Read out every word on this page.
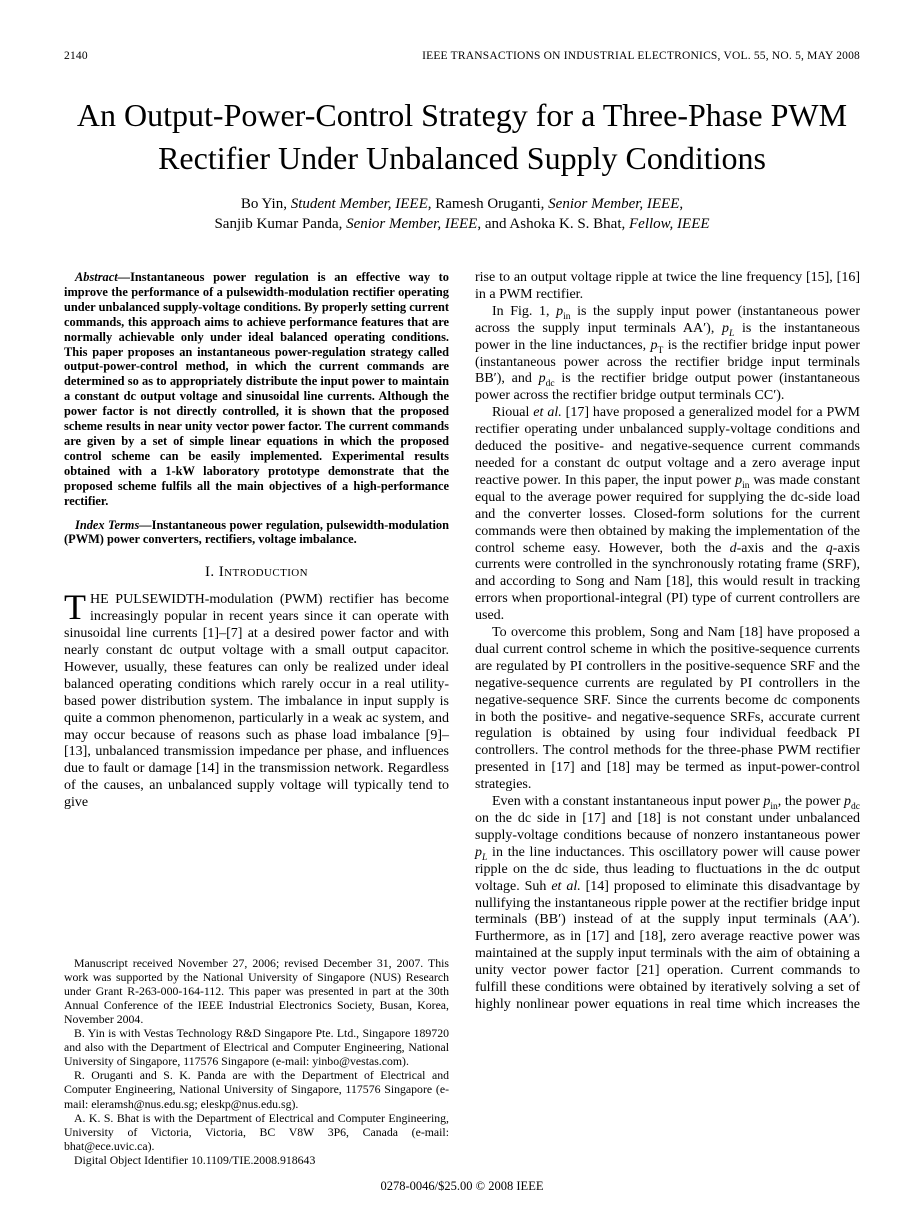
2140	IEEE TRANSACTIONS ON INDUSTRIAL ELECTRONICS, VOL. 55, NO. 5, MAY 2008
An Output-Power-Control Strategy for a Three-Phase PWM Rectifier Under Unbalanced Supply Conditions
Bo Yin, Student Member, IEEE, Ramesh Oruganti, Senior Member, IEEE,
Sanjib Kumar Panda, Senior Member, IEEE, and Ashoka K. S. Bhat, Fellow, IEEE

Abstract—Instantaneous power regulation is an effective way to improve the performance of a pulsewidth-modulation rectifier operating under unbalanced supply-voltage conditions. By properly setting current commands, this approach aims to achieve performance features that are normally achievable only under ideal balanced operating conditions. This paper proposes an instantaneous power-regulation strategy called output-power-control method, in which the current commands are determined so as to appropriately distribute the input power to maintain a constant dc output voltage and sinusoidal line currents. Although the power factor is not directly controlled, it is shown that the proposed scheme results in near unity vector power factor. The current commands are given by a set of simple linear equations in which the proposed control scheme can be easily implemented. Experimental results obtained with a 1-kW laboratory prototype demonstrate that the proposed scheme fulfils all the main objectives of a high-performance rectifier.

Index Terms—Instantaneous power regulation, pulsewidth-modulation (PWM) power converters, rectifiers, voltage imbalance.

I. Introduction

T HE PULSEWIDTH-modulation (PWM) rectifier has become increasingly popular in recent years since it can operate with sinusoidal line currents [1]–[7] at a desired power factor and with nearly constant dc output voltage with a small output capacitor. However, usually, these features can only be realized under ideal balanced operating conditions which rarely occur in a real utility-based power distribution system. The imbalance in input supply is quite a common phenomenon, particularly in a weak ac system, and may occur because of reasons such as phase load imbalance [9]–[13], unbalanced transmission impedance per phase, and influences due to fault or damage [14] in the transmission network. Regardless of the causes, an unbalanced supply voltage will typically tend to give

Manuscript received November 27, 2006; revised December 31, 2007. This work was supported by the National University of Singapore (NUS) Research under Grant R-263-000-164-112. This paper was presented in part at the 30th Annual Conference of the IEEE Industrial Electronics Society, Busan, Korea, November 2004.

B. Yin is with Vestas Technology R&D Singapore Pte. Ltd., Singapore 189720 and also with the Department of Electrical and Computer Engineering, National University of Singapore, 117576 Singapore (e-mail: yinbo@vestas.com).

R. Oruganti and S. K. Panda are with the Department of Electrical and Computer Engineering, National University of Singapore, 117576 Singapore (e-mail: eleramsh@nus.edu.sg; eleskp@nus.edu.sg).

A. K. S. Bhat is with the Department of Electrical and Computer Engineering, University of Victoria, Victoria, BC V8W 3P6, Canada (e-mail: bhat@ece.uvic.ca).

Digital Object Identifier 10.1109/TIE.2008.918643

rise to an output voltage ripple at twice the line frequency [15], [16] in a PWM rectifier.

In Fig. 1, $p_{in}$ is the supply input power (instantaneous power across the supply input terminals AA′), $p_L$ is the instantaneous power in the line inductances, $p_T$ is the rectifier bridge input power (instantaneous power across the rectifier bridge input terminals BB′), and $p_{dc}$ is the rectifier bridge output power (instantaneous power across the rectifier bridge output terminals CC′).

Rioual et al. [17] have proposed a generalized model for a PWM rectifier operating under unbalanced supply-voltage conditions and deduced the positive- and negative-sequence current commands needed for a constant dc output voltage and a zero average input reactive power. In this paper, the input power $p_{in}$ was made constant equal to the average power required for supplying the dc-side load and the converter losses. Closed-form solutions for the current commands were then obtained by making the implementation of the control scheme easy. However, both the d-axis and the q-axis currents were controlled in the synchronously rotating frame (SRF), and according to Song and Nam [18], this would result in tracking errors when proportional-integral (PI) type of current controllers are used.

To overcome this problem, Song and Nam [18] have proposed a dual current control scheme in which the positive-sequence currents are regulated by PI controllers in the positive-sequence SRF and the negative-sequence currents are regulated by PI controllers in the negative-sequence SRF. Since the currents become dc components in both the positive- and negative-sequence SRFs, accurate current regulation is obtained by using four individual feedback PI controllers. The control methods for the three-phase PWM rectifier presented in [17] and [18] may be termed as input-power-control strategies.

Even with a constant instantaneous input power $p_{in}$, the power $p_{dc}$ on the dc side in [17] and [18] is not constant under unbalanced supply-voltage conditions because of nonzero instantaneous power $p_L$ in the line inductances. This oscillatory power will cause power ripple on the dc side, thus leading to fluctuations in the dc output voltage. Suh et al. [14] proposed to eliminate this disadvantage by nullifying the instantaneous ripple power at the rectifier bridge input terminals (BB′) instead of at the supply input terminals (AA′). Furthermore, as in [17] and [18], zero average reactive power was maintained at the supply input terminals with the aim of obtaining a unity vector power factor [21] operation. Current commands to fulfill these conditions were obtained by iteratively solving a set of highly nonlinear power equations in real time which increases the

0278-0046/$25.00 © 2008 IEEE
